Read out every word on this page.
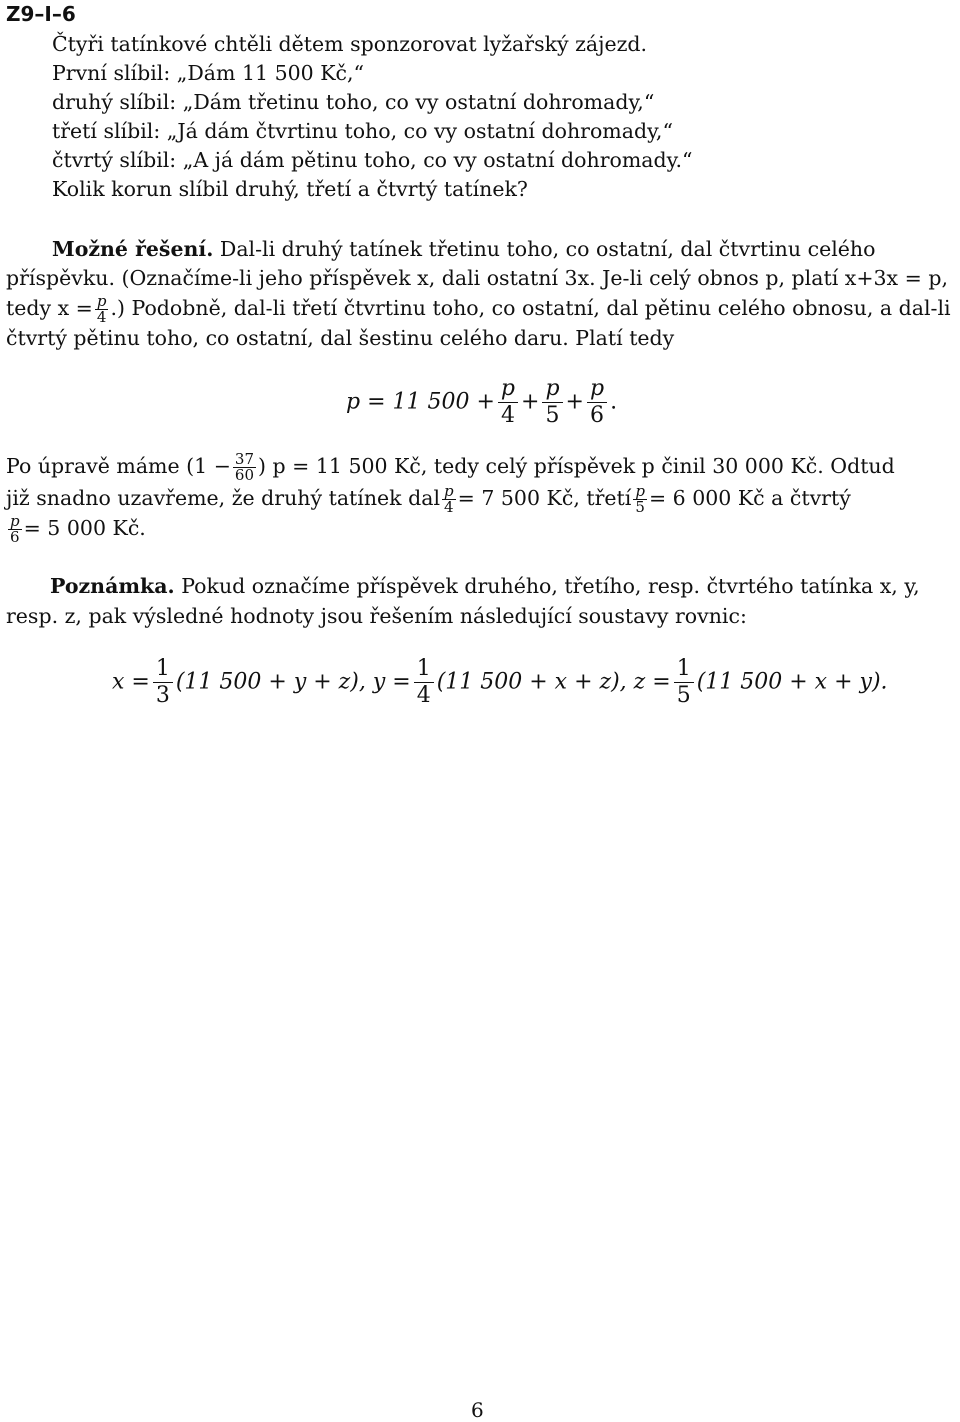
Z9–I–6
Čtyři tatínkové chtěli dětem sponzorovat lyžařský zájezd.
První slíbil: „Dám 11 500 Kč,“
druhý slíbil: „Dám třetinu toho, co vy ostatní dohromady,“
třetí slíbil: „Já dám čtvrtinu toho, co vy ostatní dohromady,“
čtvrtý slíbil: „A já dám pětinu toho, co vy ostatní dohromady.“
Kolik korun slíbil druhý, třetí a čtvrtý tatínek?
Možné řešení. Dal-li druhý tatínek třetinu toho, co ostatní, dal čtvrtinu celého
příspěvku. (Označíme-li jeho příspěvek x, dali ostatní 3x. Je-li celý obnos p, platí x+3x = p,
tedy $x = \frac{p}{4}$ .) Podobně, dal-li třetí čtvrtinu toho, co ostatní, dal pětinu celého obnosu, a dal-li
čtvrtý pětinu toho, co ostatní, dal šestinu celého daru. Platí tedy
p = 11 $500 + \frac{p}{4} + \frac{p}{5} + \frac{p}{6}$ .
Po úpravě máme ($1 - \frac{37}{60}$ ) p = 11 500 Kč, tedy celý příspěvek p činil 30 000 Kč. Odtud
již snadno uzavřeme, že druhý tatínek dal $\frac{p}{4} = 7$ 500 Kč, třetí $\frac{p}{5} = 6$ 000 Kč a čtvrtý
$\frac{p}{6} = 5$ 000 Kč.
Poznámka. Pokud označíme příspěvek druhého, třetího, resp. čtvrtého tatínka x, y,
resp. z, pak výsledné hodnoty jsou řešením následující soustavy rovnic:
$x = \frac{1}{3} (11$ 500 + y + z), $y = \frac{1}{4} (11$ 500 + x + z), $z = \frac{1}{5} (11$ 500 + x + y).
6
